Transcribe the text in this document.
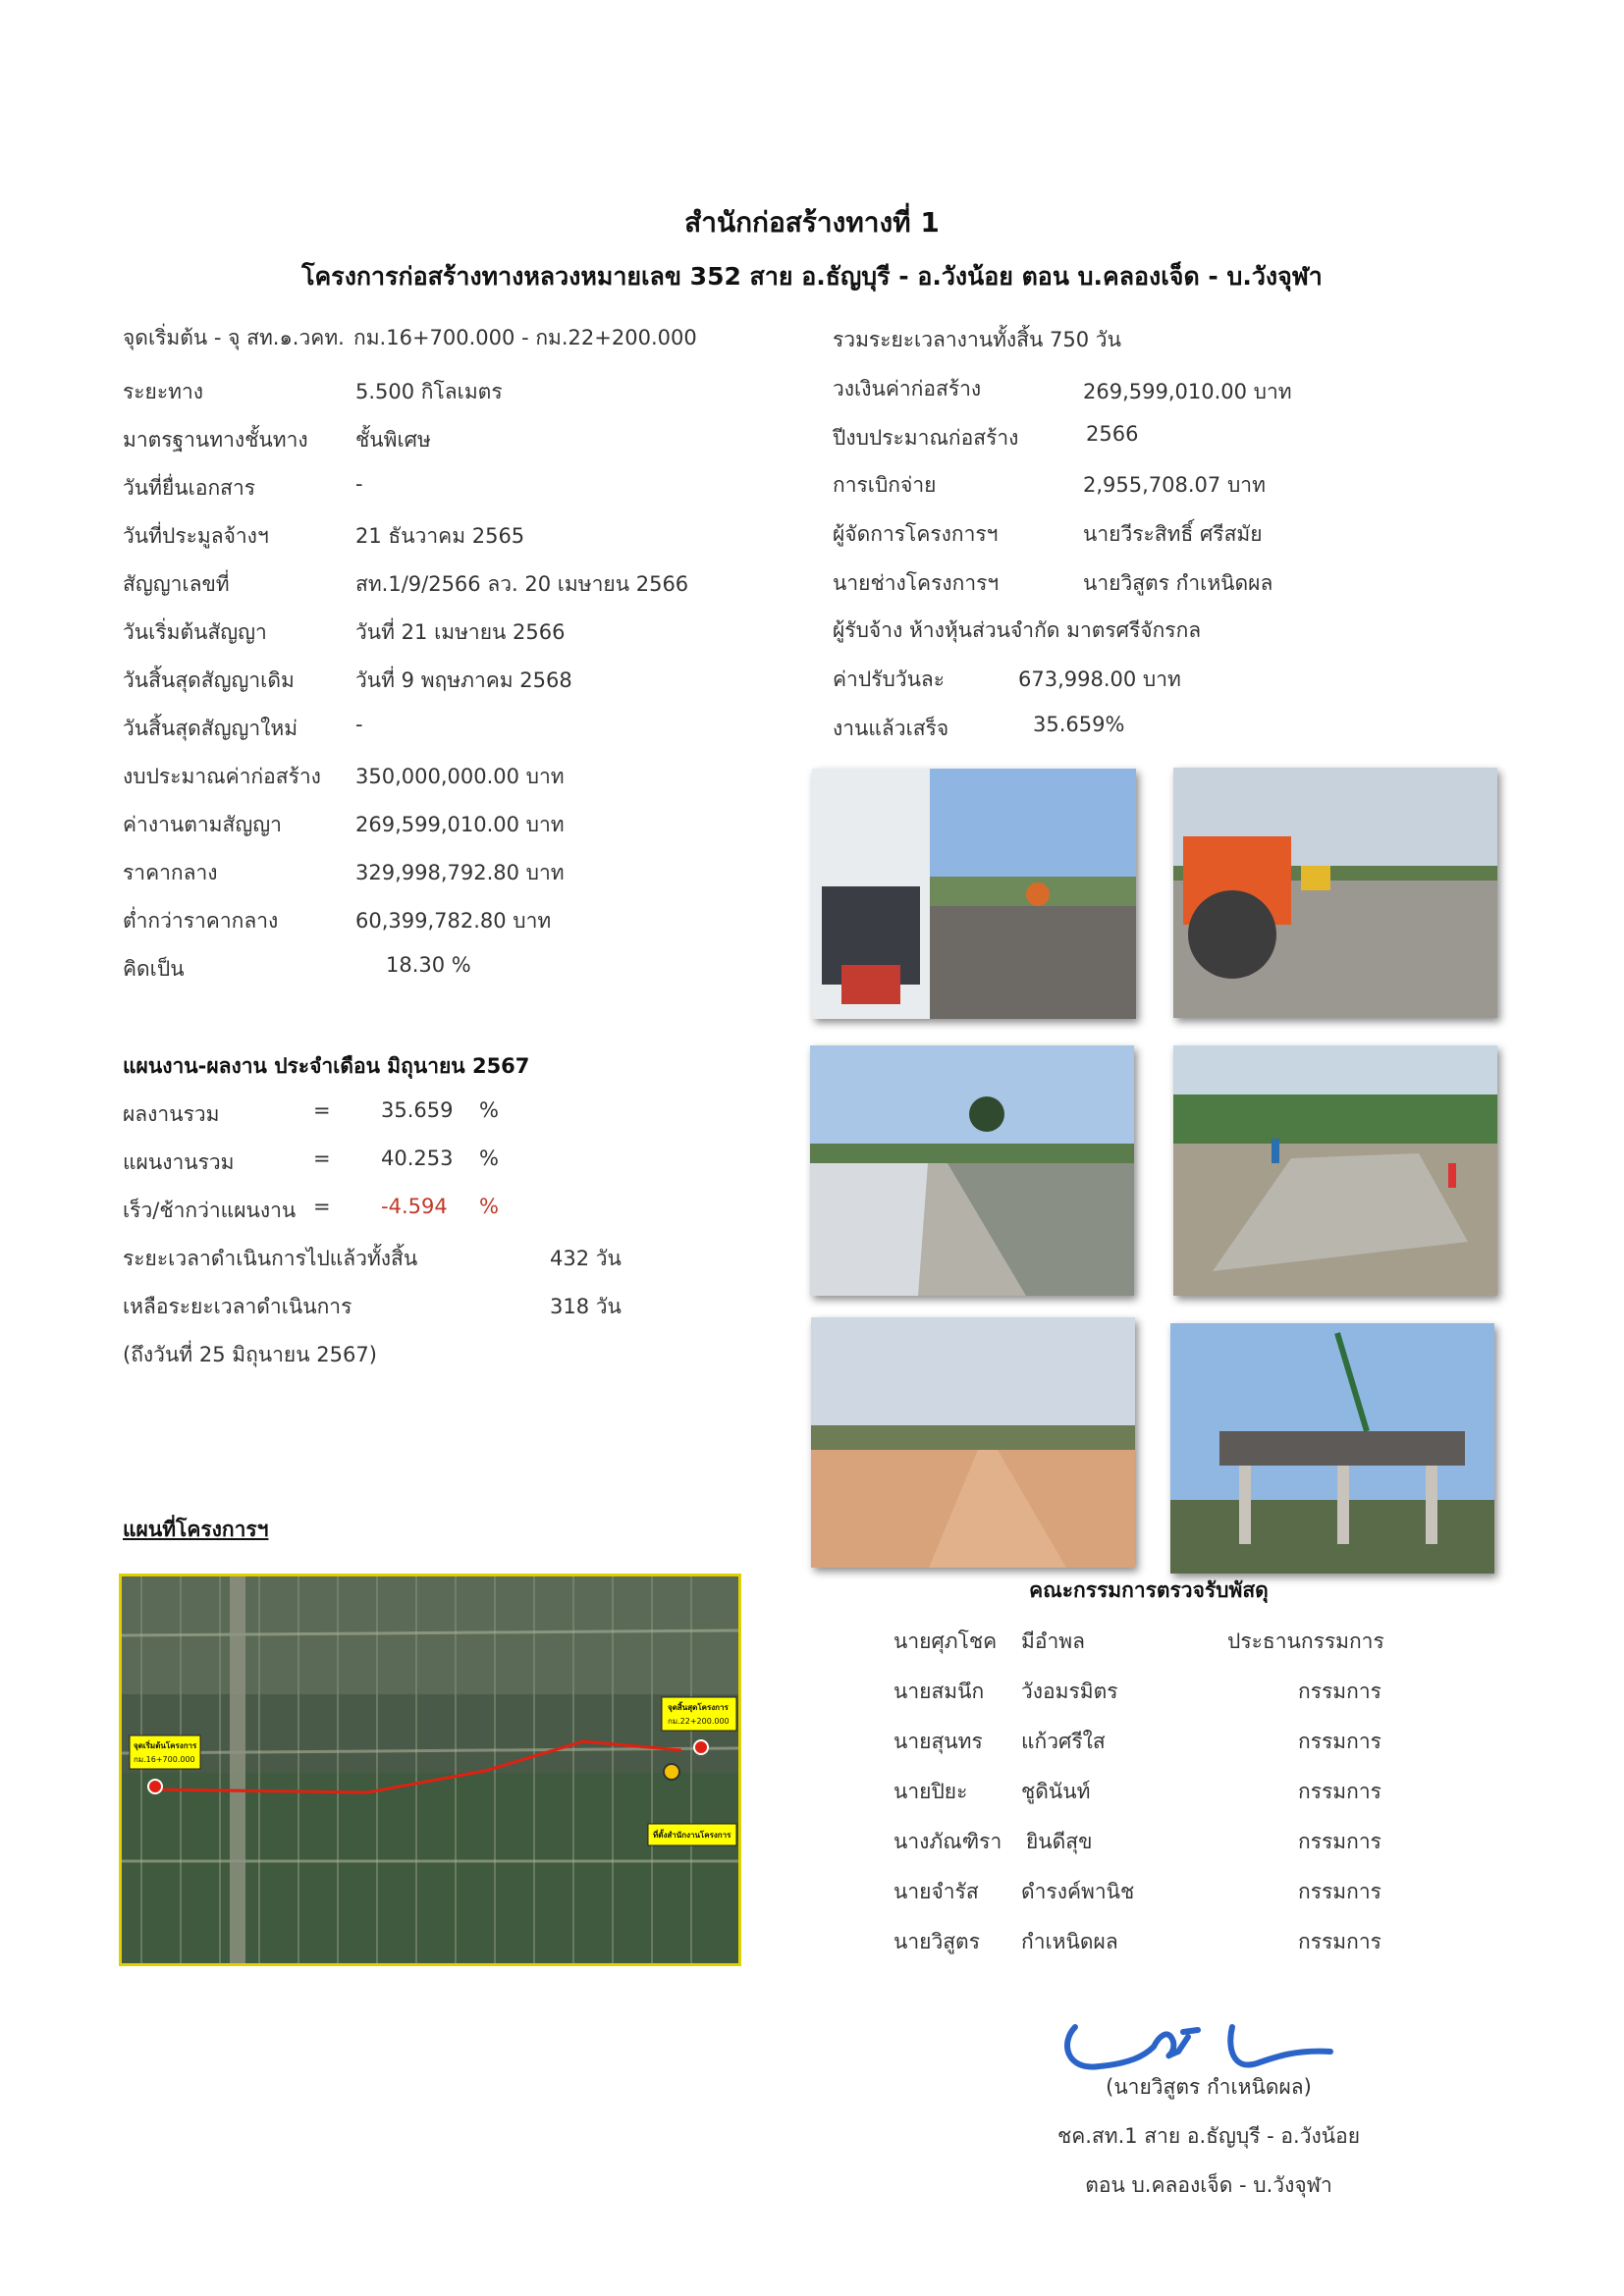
สำนักก่อสร้างทางที่ 1
โครงการก่อสร้างทางหลวงหมายเลข 352 สาย อ.ธัญบุรี - อ.วังน้อย ตอน บ.คลองเจ็ด - บ.วังจุฬา
จุดเริ่มต้น - จุ สท.๑.วคท. กม.16+700.000 - กม.22+200.000
ระยะทาง	5.500 กิโลเมตร
มาตรฐานทางชั้นทาง ชั้นพิเศษ
วันที่ยื่นเอกสาร	-
วันที่ประมูลจ้างฯ	21 ธันวาคม 2565
สัญญาเลขที่	สท.1/9/2566 ลว. 20 เมษายน 2566
วันเริ่มต้นสัญญา	วันที่ 21 เมษายน 2566
วันสิ้นสุดสัญญาเดิม	วันที่ 9 พฤษภาคม 2568
วันสิ้นสุดสัญญาใหม่	-
งบประมาณค่าก่อสร้าง 350,000,000.00 บาท
ค่างานตามสัญญา	269,599,010.00 บาท
ราคากลาง	329,998,792.80 บาท
ต่ำกว่าราคากลาง	60,399,782.80 บาท
คิดเป็น	18.30 %
รวมระยะเวลางานทั้งสิ้น 750 วัน
วงเงินค่าก่อสร้าง	269,599,010.00 บาท
ปีงบประมาณก่อสร้าง	2566
การเบิกจ่าย	2,955,708.07 บาท
ผู้จัดการโครงการฯ	นายวีระสิทธิ์ ศรีสมัย
นายช่างโครงการฯ	นายวิสูตร กำเหนิดผล
ผู้รับจ้าง ห้างหุ้นส่วนจำกัด มาตรศรีจักรกล
ค่าปรับวันละ	673,998.00 บาท
งานแล้วเสร็จ	35.659%
แผนงาน-ผลงาน ประจำเดือน มิถุนายน 2567
ผลงานรวม	= 35.659 %
แผนงานรวม	= 40.253 %
เร็ว/ช้ากว่าแผนงาน = -4.594 %
ระยะเวลาดำเนินการไปแล้วทั้งสิ้น	432 วัน
เหลือระยะเวลาดำเนินการ	318 วัน
(ถึงวันที่ 25 มิถุนายน 2567)
แผนที่โครงการฯ
จุดเริ่มต้นโครงการ
กม.16+700.000
จุดสิ้นสุดโครงการ
กม.22+200.000
ที่ตั้งสำนักงานโครงการ
คณะกรรมการตรวจรับพัสดุ
นายศุภโชค มีอำพล	ประธานกรรมการ
นายสมนึก วังอมรมิตร	กรรมการ
นายสุนทร แก้วศรีใส	กรรมการ
นายปิยะ	ชูดินันท์	กรรมการ
นางภัณฑิรา ยินดีสุข	กรรมการ
นายจำรัส ดำรงค์พานิช	กรรมการ
นายวิสูตร กำเหนิดผล	กรรมการ
(นายวิสูตร กำเหนิดผล)
ชค.สท.1 สาย อ.ธัญบุรี - อ.วังน้อย
ตอน บ.คลองเจ็ด - บ.วังจุฬา
